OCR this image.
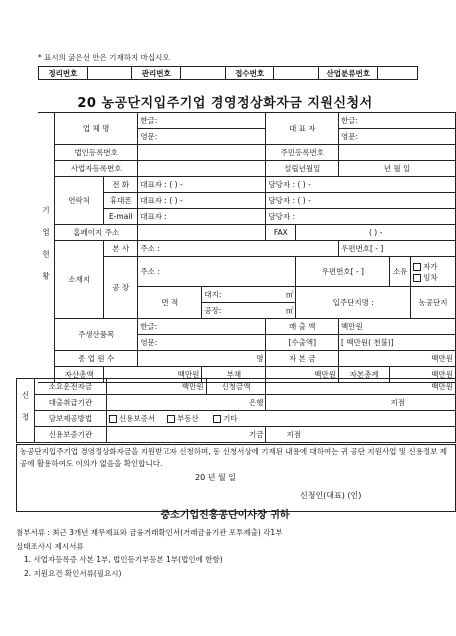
* 표시의 굵은선 안은 기재하지 마십시오
정리번호		관리번호		접수번호		산업분류번호	
20 농공단지입주기업 경영정상화자금 지원신청서
기 업 현 황	업 체 명		한글:		대 표 자		한글:		
			영문:				영문:		
	법인등록번호				주민등록번호				
	사업자등록번호				설립년월일		년 월 일		
	연락처	전 화	대표자 : ( ) -		담당자 : ( ) -				
		휴대폰	대표자 : ( ) -		담당자 : ( ) -				
		E-mail	대표자 :		담당자 :				
	홈페이지 주소				FAX	( ) -			
	소재지	본 사	주소 :				우편번호[ - ]		
		공 장	주소 :			우편번호[ - ]		소유	자가
임차

			면 적	대지: ㎡		입주단지명 :			농공단지
				공장: ㎡					

	주생산품목		한글:		매 출 액		백만원		
			영문:		[수출액]		[ 백만원( 천불)]		
	종 업 원 수		명		자 본 금		백만원		
	자산총액	백만원		부채	백만원		자본총계	백만원	
신 청	소요운전자금	백만원	신청금액	백만원
	대출취급기관	은행		지점
	담보제공방법	신용보증서 부동산 기타		
	신용보증기관	기금		지점
농공단지입주기업 경영정상화자금을 지원받고자 신청하며, 동 신청서상에 기재된 내용에 대하여는 귀 공단 지원사업 및 신용정보 제공에 활용하여도 이의가 없음을 확인합니다.
20 년 월 일
신청인(대표) (인)
중소기업진흥공단이사장 귀하
첨부서류 : 최근 3개년 재무제표와 금융거래확인서(거래금융기관 포투제출) 각1부
실태조사시 제시서류
1. 사업자등록증 사본 1부, 법인등기부등본 1부(법인에 한함)
2. 지원요건 확인서류(필요시)
